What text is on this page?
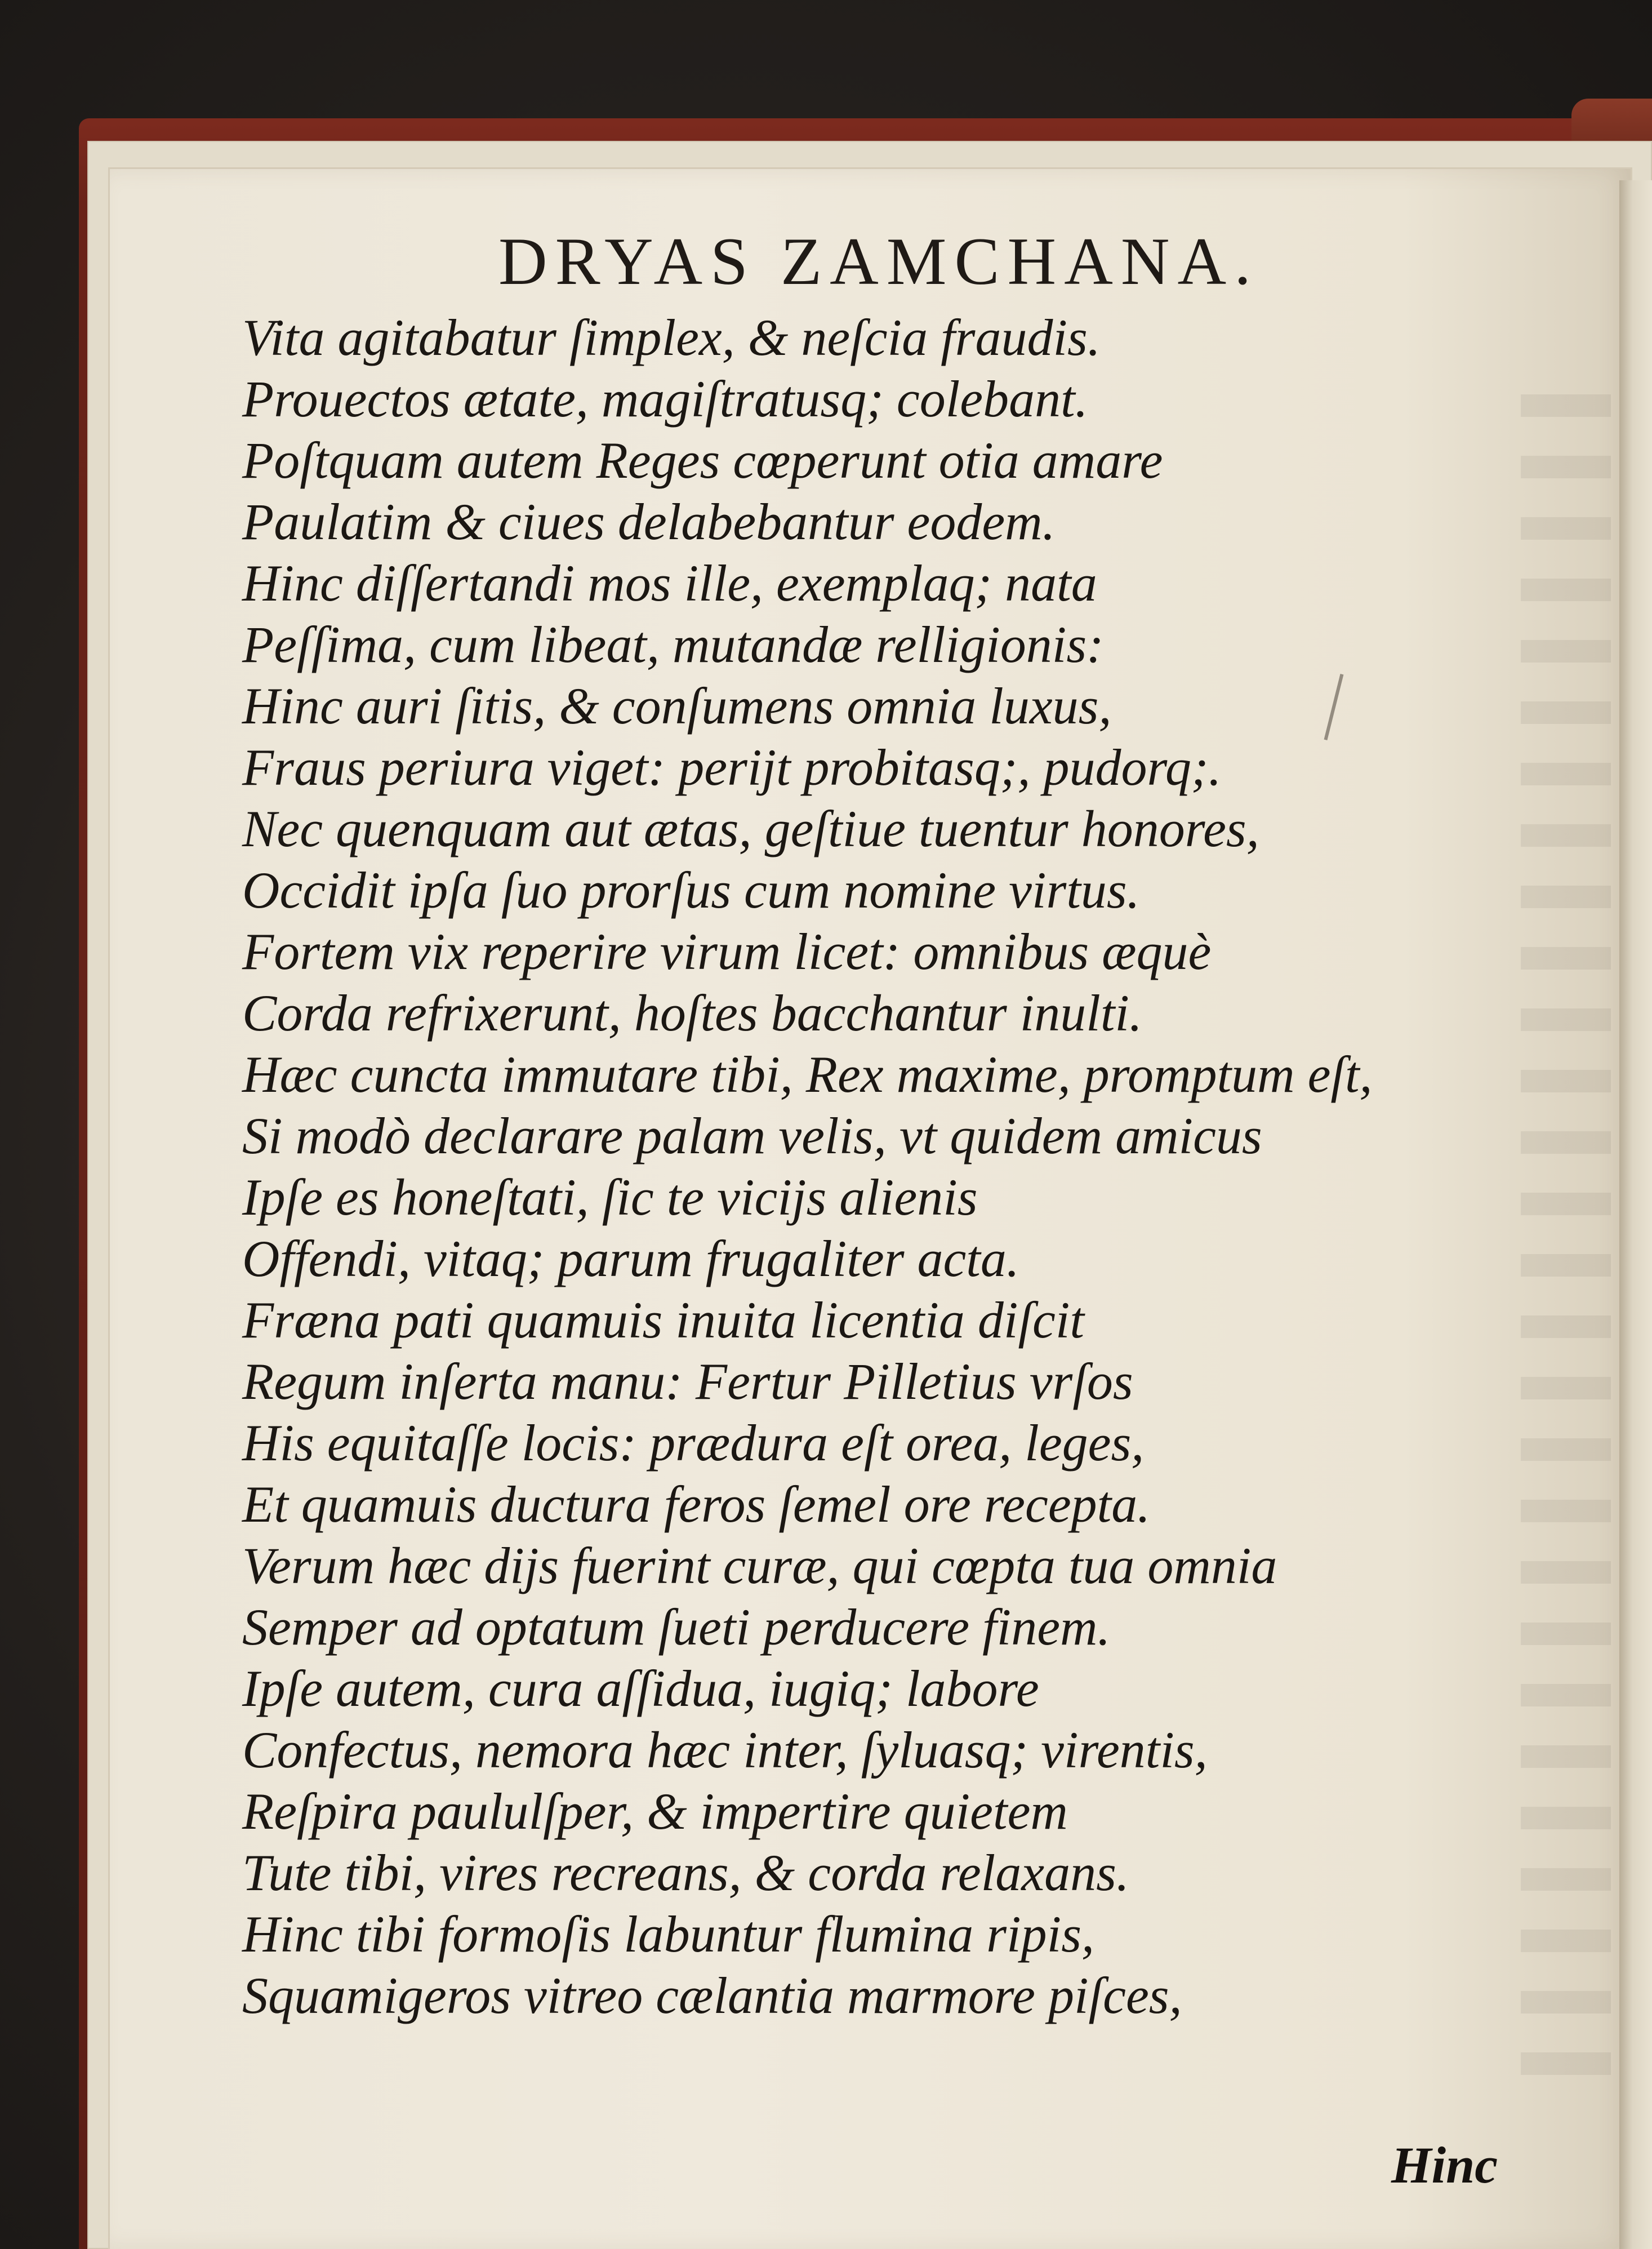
DRYAS ZAMCHANA.
Vita agitabatur ſimplex, & neſcia fraudis.
Prouectos ætate, magiſtratusq; colebant.
Poſtquam autem Reges cœperunt otia amare
Paulatim & ciues delabebantur eodem.
Hinc diſſertandi mos ille, exemplaq; nata
Peſſima, cum libeat, mutandæ relligionis:
Hinc auri ſitis, & conſumens omnia luxus,
Fraus periura viget: perijt probitasq;, pudorq;.
Nec quenquam aut ætas, geſtiue tuentur honores,
Occidit ipſa ſuo prorſus cum nomine virtus.
Fortem vix reperire virum licet: omnibus æquè
Corda refrixerunt, hoſtes bacchantur inulti.
Hæc cuncta immutare tibi, Rex maxime, promptum eſt,
Si modò declarare palam velis, vt quidem amicus
Ipſe es honeſtati, ſic te vicijs alienis
Offendi, vitaq; parum frugaliter acta.
Fræna pati quamuis inuita licentia diſcit
Regum inſerta manu: Fertur Pilletius vrſos
His equitaſſe locis: prædura eſt orea, leges,
Et quamuis ductura feros ſemel ore recepta.
Verum hæc dijs fuerint curæ, qui cœpta tua omnia
Semper ad optatum ſueti perducere finem.
Ipſe autem, cura aſſidua, iugiq; labore
Confectus, nemora hæc inter, ſyluasq; virentis,
Reſpira paululſper, & impertire quietem
Tute tibi, vires recreans, & corda relaxans.
Hinc tibi formoſis labuntur flumina ripis,
Squamigeros vitreo cælantia marmore piſces,
Hinc
